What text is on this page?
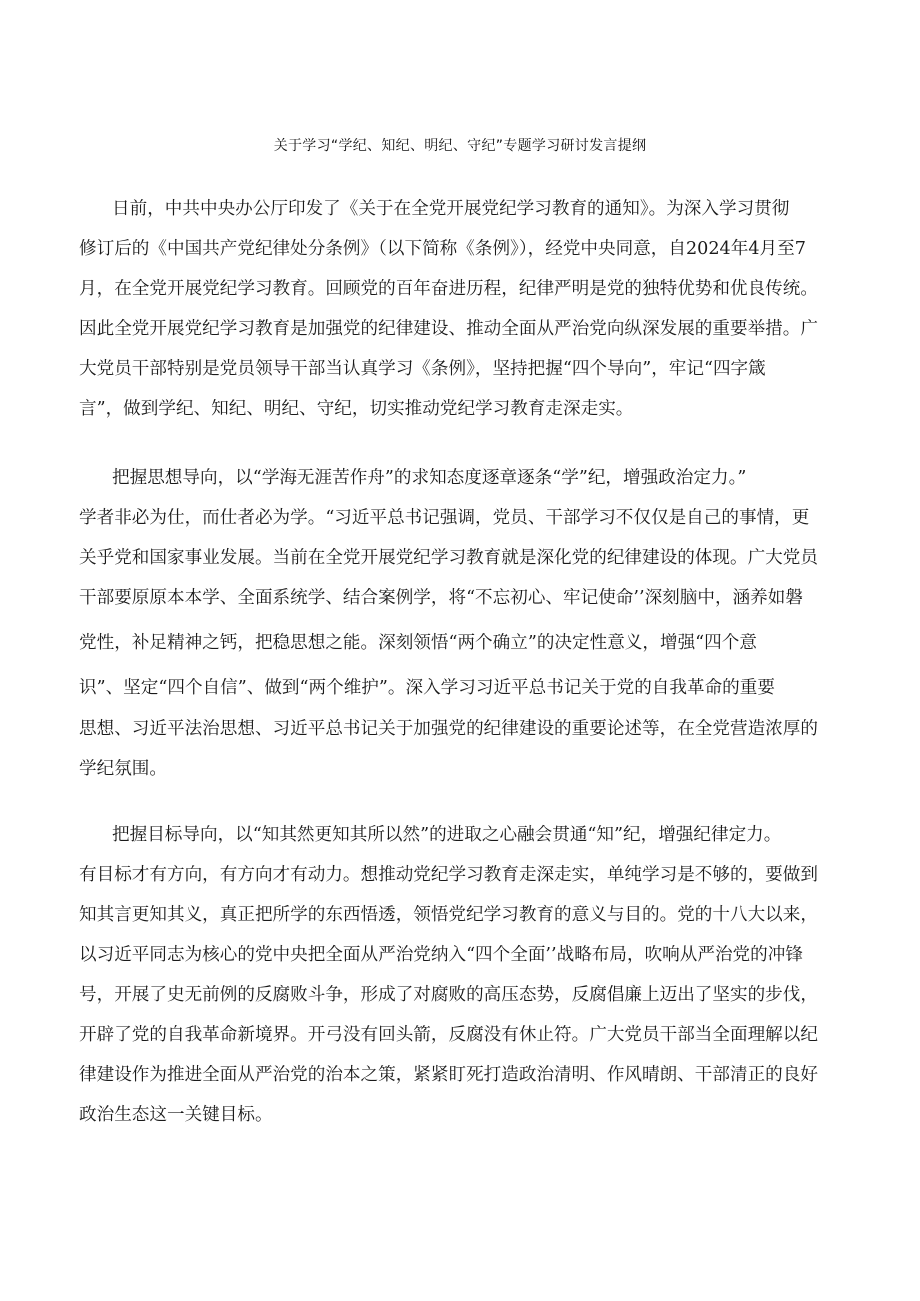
关于学习“学纪、知纪、明纪、守纪”专题学习研讨发言提纲
日前，中共中央办公厅印发了《关于在全党开展党纪学习教育的通知》。为深入学习贯彻
修订后的《中国共产党纪律处分条例》（以下简称《条例》），经党中央同意，自2024年4月至7
月，在全党开展党纪学习教育。回顾党的百年奋进历程，纪律严明是党的独特优势和优良传统。
因此全党开展党纪学习教育是加强党的纪律建设、推动全面从严治党向纵深发展的重要举措。广
大党员干部特别是党员领导干部当认真学习《条例》，坚持把握“四个导向”，牢记“四字箴
言”，做到学纪、知纪、明纪、守纪，切实推动党纪学习教育走深走实。
把握思想导向，以“学海无涯苦作舟”的求知态度逐章逐条“学”纪，增强政治定力。”
学者非必为仕，而仕者必为学。“习近平总书记强调，党员、干部学习不仅仅是自己的事情，更
关乎党和国家事业发展。当前在全党开展党纪学习教育就是深化党的纪律建设的体现。广大党员
干部要原原本本学、全面系统学、结合案例学，将“不忘初心、牢记使命’’深刻脑中，涵养如磐
党性，补足精神之钙，把稳思想之能。深刻领悟“两个确立”的决定性意义，增强“四个意
识”、坚定“四个自信”、做到“两个维护”。深入学习习近平总书记关于党的自我革命的重要
思想、习近平法治思想、习近平总书记关于加强党的纪律建设的重要论述等，在全党营造浓厚的
学纪氛围。
把握目标导向，以“知其然更知其所以然”的进取之心融会贯通“知”纪，增强纪律定力。
有目标才有方向，有方向才有动力。想推动党纪学习教育走深走实，单纯学习是不够的，要做到
知其言更知其义，真正把所学的东西悟透，领悟党纪学习教育的意义与目的。党的十八大以来，
以习近平同志为核心的党中央把全面从严治党纳入“四个全面’’战略布局，吹响从严治党的冲锋
号，开展了史无前例的反腐败斗争，形成了对腐败的高压态势，反腐倡廉上迈出了坚实的步伐，
开辟了党的自我革命新境界。开弓没有回头箭，反腐没有休止符。广大党员干部当全面理解以纪
律建设作为推进全面从严治党的治本之策，紧紧盯死打造政治清明、作风晴朗、干部清正的良好
政治生态这一关键目标。
